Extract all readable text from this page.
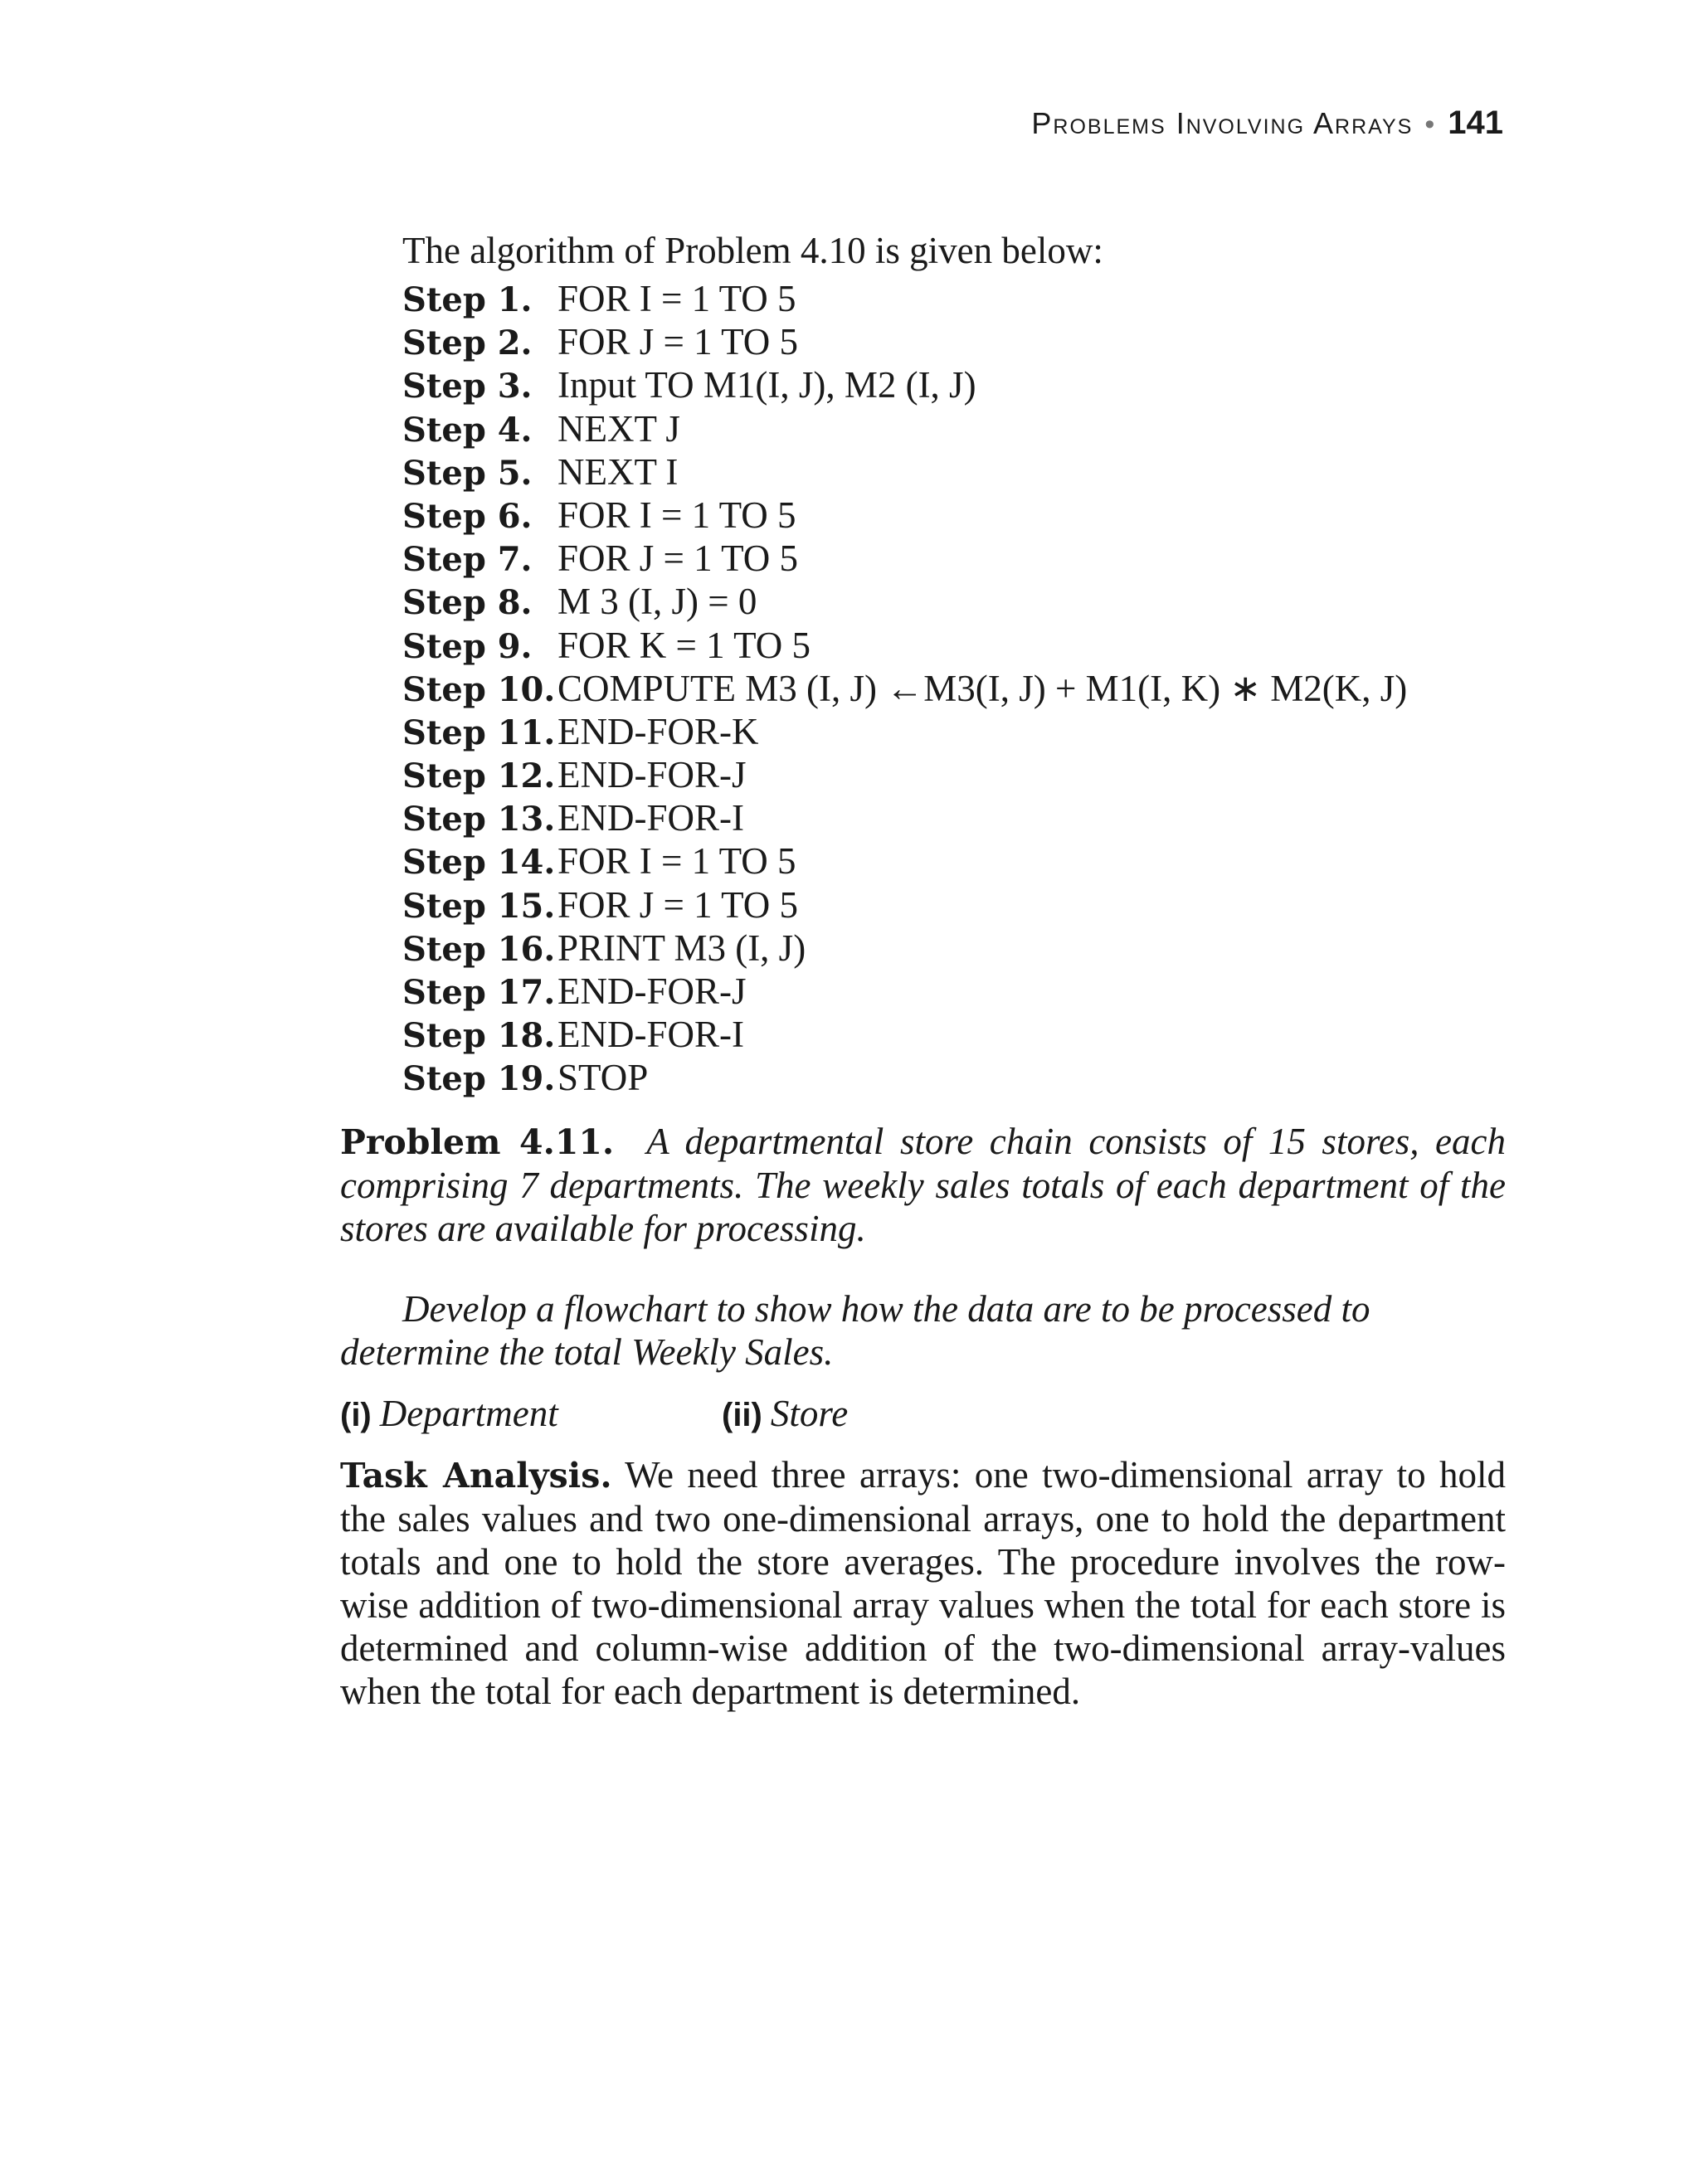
Problems Involving Arrays • 141

The algorithm of Problem 4.10 is given below:

Step 1. FOR I = 1 TO 5
Step 2. FOR J = 1 TO 5
Step 3. Input TO M1(I, J), M2 (I, J)
Step 4. NEXT J
Step 5. NEXT I
Step 6. FOR I = 1 TO 5
Step 7. FOR J = 1 TO 5
Step 8. M 3 (I, J) = 0
Step 9. FOR K = 1 TO 5
Step 10. COMPUTE M3 (I, J) ←M3(I, J) + M1(I, K) ∗ M2(K, J)
Step 11. END-FOR-K
Step 12. END-FOR-J
Step 13. END-FOR-I
Step 14. FOR I = 1 TO 5
Step 15. FOR J = 1 TO 5
Step 16. PRINT M3 (I, J)
Step 17. END-FOR-J
Step 18. END-FOR-I
Step 19. STOP

Problem 4.11. A departmental store chain consists of 15 stores, each comprising 7 departments. The weekly sales totals of each department of the stores are available for processing.

Develop a flowchart to show how the data are to be processed to determine the total Weekly Sales.

(i) Department	(ii) Store

Task Analysis. We need three arrays: one two-dimensional array to hold the sales values and two one-dimensional arrays, one to hold the department totals and one to hold the store averages. The procedure involves the row-wise addition of two-dimensional array values when the total for each store is determined and column-wise addition of the two-dimensional array-values when the total for each department is determined.
